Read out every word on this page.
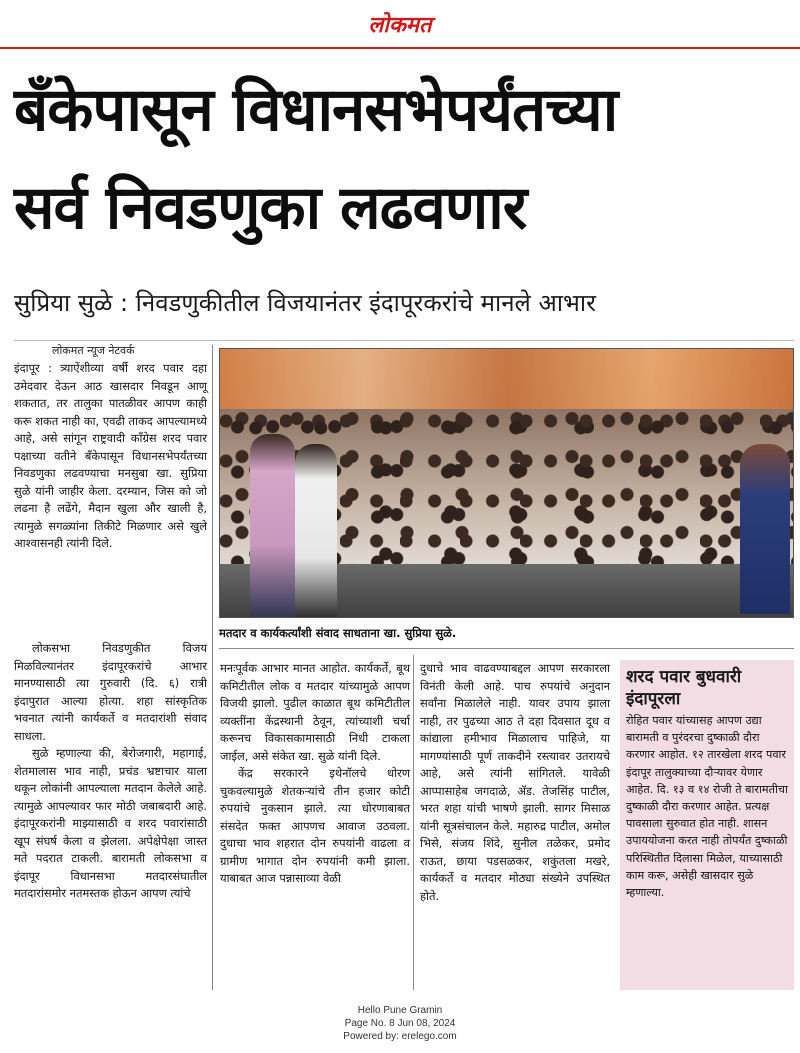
लोकमत
बँकेपासून विधानसभेपर्यंतच्या
सर्व निवडणुका लढवणार
सुप्रिया सुळे : निवडणुकीतील विजयानंतर इंदापूरकरांचे मानले आभार
लोकमत न्यूज नेटवर्क

इंदापूर : त्र्याऐंशीव्या वर्षी शरद पवार दहा उमेदवार देऊन आठ खासदार निवडून आणू शकतात, तर तालुका पातळीवर आपण काही करू शकत नाही का, एवढी ताकद आपल्यामध्ये आहे, असे सांगून राष्ट्रवादी काँग्रेस शरद पवार पक्षाच्या वतीने बँकेपासून विधानसभेपर्यंतच्या निवडणुका लढवण्याचा मनसुबा खा. सुप्रिया सुळे यांनी जाहीर केला. दरम्यान, जिस को जो लढना है लढेंगे, मैदान खुला और खाली है, त्यामुळे सगळ्यांना तिकीटे मिळणार असे खुले आश्वासनही त्यांनी दिले.

लोकसभा निवडणुकीत विजय मिळविल्यानंतर इंदापूरकरांचे आभार मानण्यासाठी त्या गुरुवारी (दि. ६) रात्री इंदापुरात आल्या होत्या. शहा सांस्कृतिक भवनात त्यांनी कार्यकर्ते व मतदारांशी संवाद साधला.

सुळे म्हणाल्या की, बेरोजगारी, महागाई, शेतमालास भाव नाही, प्रचंड भ्रष्टाचार याला थकून लोकांनी आपल्याला मतदान केलेले आहे. त्यामुळे आपल्यावर फार मोठी जबाबदारी आहे. इंदापूरकरांनी माझ्यासाठी व शरद पवारांसाठी खूप संघर्ष केला व झेलला. अपेक्षेपेक्षा जास्त मते पदरात टाकली. बारामती लोकसभा व इंदापूर विधानसभा मतदारसंघातील मतदारांसमोर नतमस्तक होऊन आपण त्यांचे

मतदार व कार्यकर्त्यांशी संवाद साधताना खा. सुप्रिया सुळे.

मनःपूर्वक आभार मानत आहोत. कार्यकर्ते, बूथ कमिटीतील लोक व मतदार यांच्यामुळे आपण विजयी झालो. पुढील काळात बूथ कमिटीतील व्यक्तींना केंद्रस्थानी ठेवून, त्यांच्याशी चर्चा करूनच विकासकामासाठी निधी टाकला जाईल, असे संकेत खा. सुळे यांनी दिले.

केंद्र सरकारने इथेनॉलचे धोरण चुकवल्यामुळे शेतकऱ्यांचे तीन हजार कोटी रुपयांचे नुकसान झाले. त्या धोरणाबाबत संसदेत फक्त आपणच आवाज उठवला. दुधाचा भाव शहरात दोन रुपयांनी वाढला व ग्रामीण भागात दोन रुपयांनी कमी झाला. याबाबत आज पन्नासाव्या वेळी

दुधाचे भाव वाढवण्याबद्दल आपण सरकारला विनंती केली आहे. पाच रुपयांचे अनुदान सर्वांना मिळालेले नाही. यावर उपाय झाला नाही, तर पुढच्या आठ ते दहा दिवसात दूध व कांद्याला हमीभाव मिळालाच पाहिजे, या मागण्यांसाठी पूर्ण ताकदीने रस्त्यावर उतरायचे आहे, असे त्यांनी सांगितले. यावेळी आप्पासाहेब जगदाळे, ॲड. तेजसिंह पाटील, भरत शहा यांची भाषणे झाली. सागर मिसाळ यांनी सूत्रसंचालन केले. महारुद्र पाटील, अमोल भिसे, संजय शिंदे, सुनील तळेकर, प्रमोद राऊत, छाया पडसळकर, शकुंतला मखरे, कार्यकर्ते व मतदार मोठ्या संख्येने उपस्थित होते.

शरद पवार बुधवारी इंदापूरला
रोहित पवार यांच्यासह आपण उद्या बारामती व पुरंदरचा दुष्काळी दौरा करणार आहोत. १२ तारखेला शरद पवार इंदापूर तालुक्याच्या दौऱ्यावर येणार आहेत. दि. १३ व १४ रोजी ते बारामतीचा दुष्काळी दौरा करणार आहेत. प्रत्यक्ष पावसाला सुरुवात होत नाही. शासन उपाययोजना करत नाही तोपर्यंत दुष्काळी परिस्थितीत दिलासा मिळेल, याच्यासाठी काम करू, असेही खासदार सुळे म्हणाल्या.
Hello Pune Gramin
Page No. 8 Jun 08, 2024
Powered by: erelego.com
